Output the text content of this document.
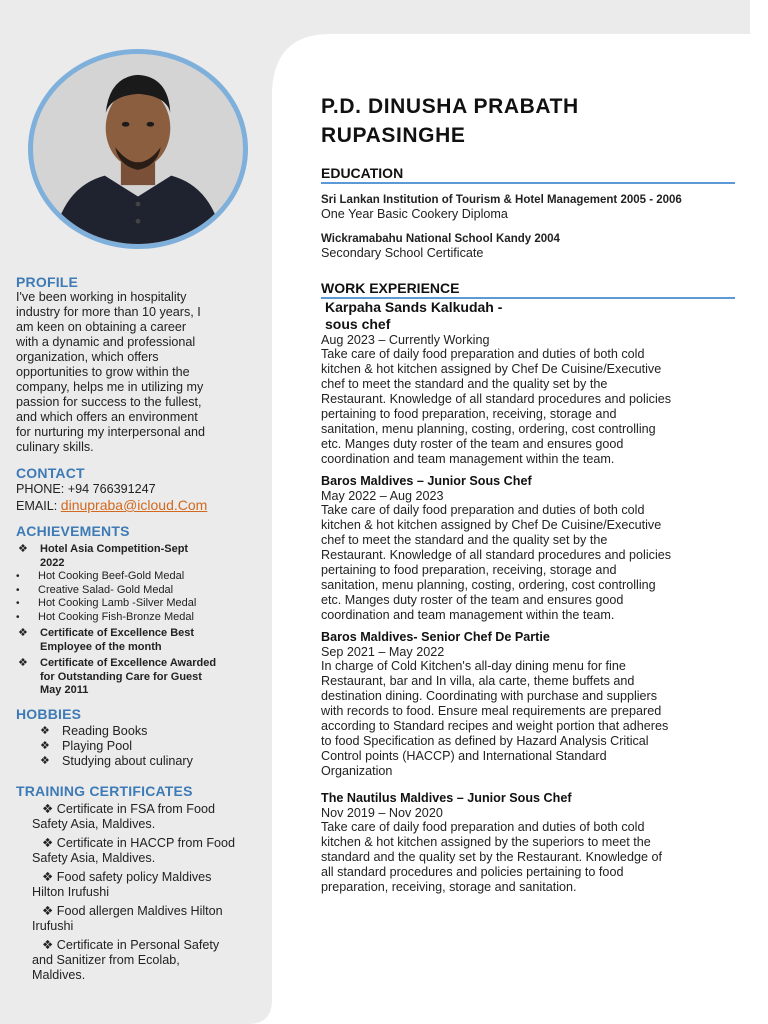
PROFILE
I've been working in hospitality
industry for more than 10 years, I
am keen on obtaining a career
with a dynamic and professional
organization, which offers
opportunities to grow within the
company, helps me in utilizing my
passion for success to the fullest,
and which offers an environment
for nurturing my interpersonal and
culinary skills.
CONTACT
PHONE: +94 766391247
EMAIL: dinupraba@icloud.Com
ACHIEVEMENTS
❖	Hotel Asia Competition-Sept
2022
•	Hot Cooking Beef-Gold Medal
•	Creative Salad- Gold Medal
•	Hot Cooking Lamb -Silver Medal
•	Hot Cooking Fish-Bronze Medal
❖	Certificate of Excellence Best
Employee of the month
❖	Certificate of Excellence Awarded
for Outstanding Care for Guest
May 2011
HOBBIES
❖ Reading Books
❖ Playing Pool
❖ Studying about culinary
TRAINING CERTIFICATES
❖ Certificate in FSA from Food
Safety Asia, Maldives.
❖ Certificate in HACCP from Food
Safety Asia, Maldives.
❖ Food safety policy Maldives
Hilton Irufushi
❖ Food allergen Maldives Hilton
Irufushi
❖ Certificate in Personal Safety
and Sanitizer from Ecolab,
Maldives.
P.D. DINUSHA PRABATH
RUPASINGHE
EDUCATION
Sri Lankan Institution of Tourism & Hotel Management 2005 - 2006
One Year Basic Cookery Diploma
Wickramabahu National School Kandy 2004
Secondary School Certificate
WORK EXPERIENCE
Karpaha Sands Kalkudah -
sous chef
Aug 2023 – Currently Working
Take care of daily food preparation and duties of both cold
kitchen & hot kitchen assigned by Chef De Cuisine/Executive
chef to meet the standard and the quality set by the
Restaurant. Knowledge of all standard procedures and policies
pertaining to food preparation, receiving, storage and
sanitation, menu planning, costing, ordering, cost controlling
etc. Manges duty roster of the team and ensures good
coordination and team management within the team.
Baros Maldives – Junior Sous Chef
May 2022 – Aug 2023
Take care of daily food preparation and duties of both cold
kitchen & hot kitchen assigned by Chef De Cuisine/Executive
chef to meet the standard and the quality set by the
Restaurant. Knowledge of all standard procedures and policies
pertaining to food preparation, receiving, storage and
sanitation, menu planning, costing, ordering, cost controlling
etc. Manges duty roster of the team and ensures good
coordination and team management within the team.
Baros Maldives- Senior Chef De Partie
Sep 2021 – May 2022
In charge of Cold Kitchen's all-day dining menu for fine
Restaurant, bar and In villa, ala carte, theme buffets and
destination dining. Coordinating with purchase and suppliers
with records to food. Ensure meal requirements are prepared
according to Standard recipes and weight portion that adheres
to food Specification as defined by Hazard Analysis Critical
Control points (HACCP) and International Standard
Organization
The Nautilus Maldives – Junior Sous Chef
Nov 2019 – Nov 2020
Take care of daily food preparation and duties of both cold
kitchen & hot kitchen assigned by the superiors to meet the
standard and the quality set by the Restaurant. Knowledge of
all standard procedures and policies pertaining to food
preparation, receiving, storage and sanitation.
